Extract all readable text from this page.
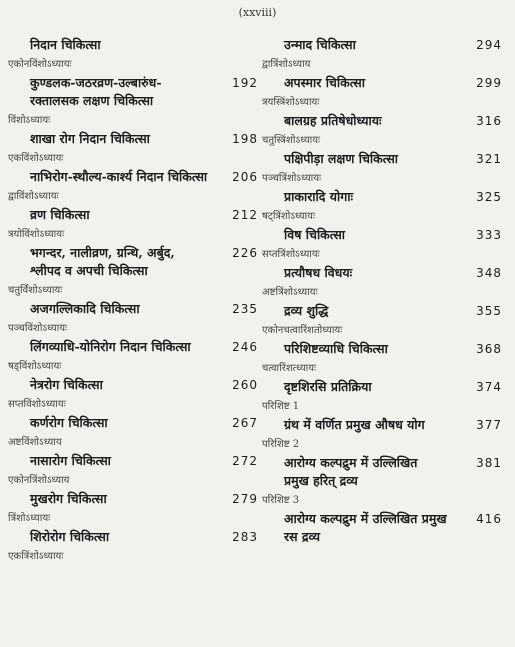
(xxviii)
निदान चिकित्सा
एकोनविंशोऽध्यायः
कुण्डलक-जठरव्रण-उल्बारुंध-
रक्तालसक लक्षण चिकित्सा
192
विंशोऽध्यायः
शाखा रोग निदान चिकित्सा	198
एकविंशोऽध्यायः
नाभिरोग-स्थौल्य-कार्श्य निदान चिकित्सा 206
द्वाविंशोऽध्यायः
व्रण चिकित्सा	212
त्रयोविंशोऽध्यायः
भगन्दर, नालीव्रण, ग्रन्थि, अर्बुद,
श्लीपद व अपची चिकित्सा
226
चतुर्विंशोऽध्यायः
अजगल्लिकादि चिकित्सा	235
पञ्चविंशोऽध्यायः
लिंगव्याधि-योनिरोग निदान चिकित्सा	246
षड्विंशोऽध्यायः
नेत्ररोग चिकित्सा	260
सप्तविंशोऽध्यायः
कर्णरोग चिकित्सा	267
अष्टविंशोऽध्याय
नासारोग चिकित्सा	272
एकोनत्रिंशोऽध्याय
मुखरोग चिकित्सा	279
त्रिंशोऽध्यायः
शिरोरोग चिकित्सा	283
एकत्रिंशोऽध्यायः
उन्माद चिकित्सा	294
द्वात्रिंशोऽध्याय
अपस्मार चिकित्सा	299
त्रयस्त्रिंशोऽध्यायः
बालग्रह प्रतिषेधोध्यायः	316
चतुस्त्रिंशोऽध्यायः
पक्षिपीड़ा लक्षण चिकित्सा	321
पञ्चत्रिंशोऽध्यायः
प्राकारादि योगाः	325
षट्त्रिंशोऽध्यायः
विष चिकित्सा	333
सप्तत्रिंशोऽध्यायः
प्रत्यौषध विधयः	348
अष्टत्रिंशोऽध्यायः
द्रव्य शुद्धि	355
एकोनचत्वारिंशतोध्यायः
परिशिष्टव्याधि चिकित्सा	368
चत्वारिंशत्ध्यायः
दृष्टशिरसि प्रतिक्रिया	374
परिशिष्ट 1
ग्रंथ में वर्णित प्रमुख औषध योग	377
परिशिष्ट 2
आरोग्य कल्पद्रुम में उल्लिखित
प्रमुख हरित् द्रव्य
381
परिशिष्ट 3
आरोग्य कल्पद्रुम में उल्लिखित प्रमुख
रस द्रव्य
416
